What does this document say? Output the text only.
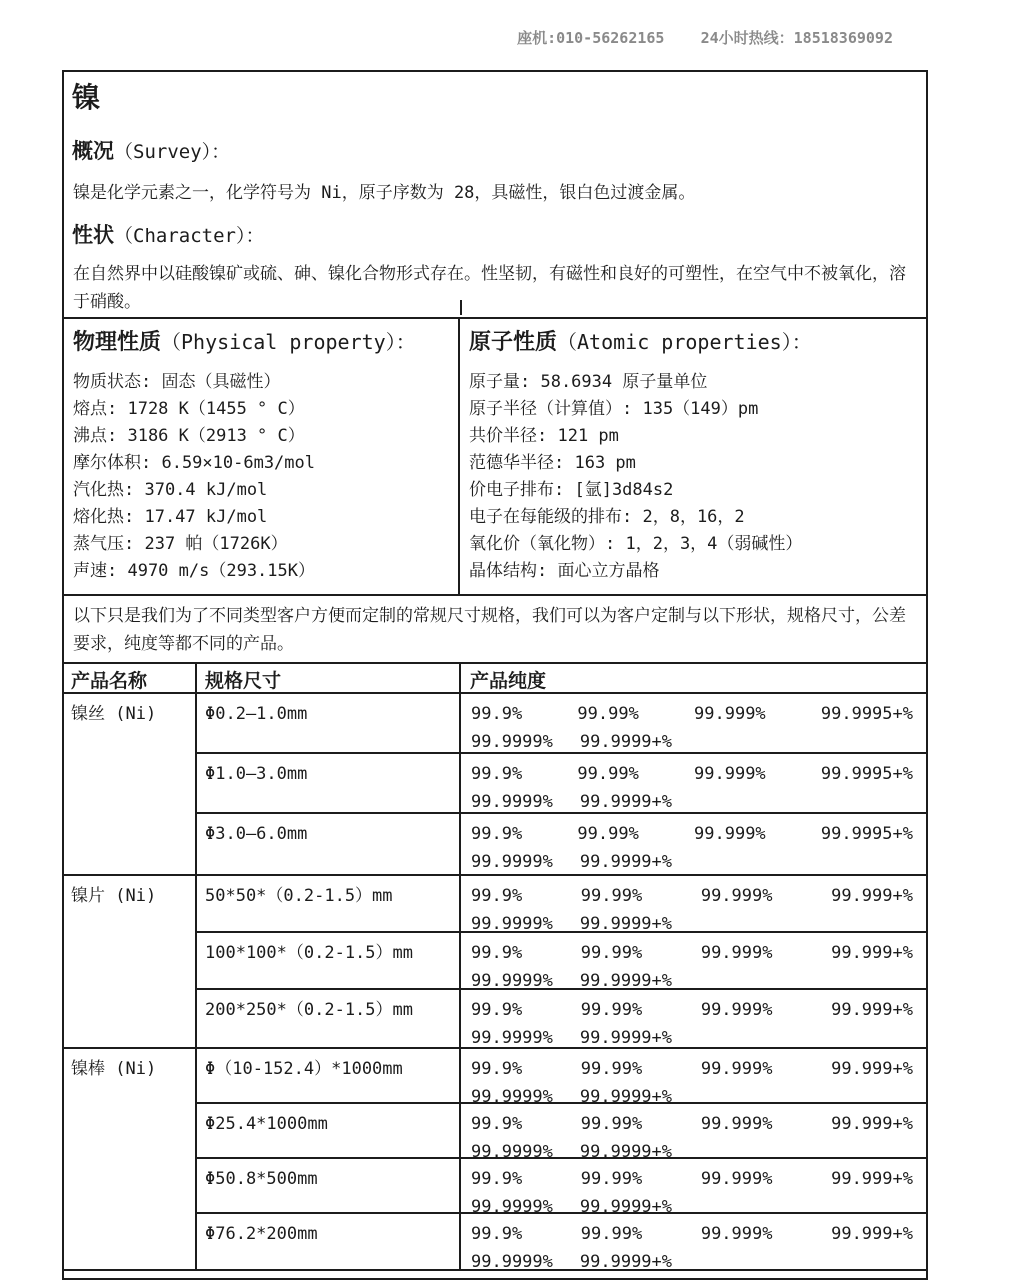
座机:010-56262165    24小时热线：18518369092
镍
概况（Survey）：

镍是化学元素之一，化学符号为 Ni，原子序数为 28，具磁性，银白色过渡金属。

性状（Character）：

在自然界中以硅酸镍矿或硫、砷、镍化合物形式存在。性坚韧，有磁性和良好的可塑性，在空气中不被氧化，溶于硝酸。

物理性质（Physical property）：
物质状态: 固态（具磁性）
熔点: 1728 K（1455 ° C）
沸点: 3186 K（2913 ° C）
摩尔体积: 6.59×10-6m3/mol
汽化热: 370.4 kJ/mol
熔化热: 17.47 kJ/mol
蒸气压: 237 帕（1726K）
声速: 4970 m/s（293.15K）
原子性质（Atomic properties）：
原子量: 58.6934 原子量单位
原子半径（计算值）: 135（149）pm
共价半径: 121 pm
范德华半径: 163 pm
价电子排布: [氩]3d84s2
电子在每能级的排布: 2，8，16，2
氧化价（氧化物）: 1，2，3，4（弱碱性）
晶体结构: 面心立方晶格
以下只是我们为了不同类型客户方便而定制的常规尺寸规格，我们可以为客户定制与以下形状，规格尺寸，公差要求，纯度等都不同的产品。
产品名称	规格尺寸	产品纯度
镍丝 (Ni)	Φ0.2—1.0mm	99.9%	99.99%	99.999%	99.9995+%
99.9999% 99.9999+%
Φ1.0—3.0mm	99.9%	99.99%	99.999%	99.9995+%
99.9999% 99.9999+%
Φ3.0—6.0mm	99.9%	99.99%	99.999%	99.9995+%
99.9999% 99.9999+%
镍片 (Ni)	50*50*（0.2-1.5）mm	99.9%	99.99%	99.999%	99.999+%
99.9999% 99.9999+%
100*100*（0.2-1.5）mm	99.9%	99.99%	99.999%	99.999+%
99.9999% 99.9999+%
200*250*（0.2-1.5）mm	99.9%	99.99%	99.999%	99.999+%
99.9999% 99.9999+%
镍棒 (Ni)	Φ（10-152.4）*1000mm	99.9%	99.99%	99.999%	99.999+%
99.9999% 99.9999+%
Φ25.4*1000mm	99.9%	99.99%	99.999%	99.999+%
99.9999% 99.9999+%
Φ50.8*500mm	99.9%	99.99%	99.999%	99.999+%
99.9999% 99.9999+%
Φ76.2*200mm	99.9%	99.99%	99.999%	99.999+%
99.9999% 99.9999+%
